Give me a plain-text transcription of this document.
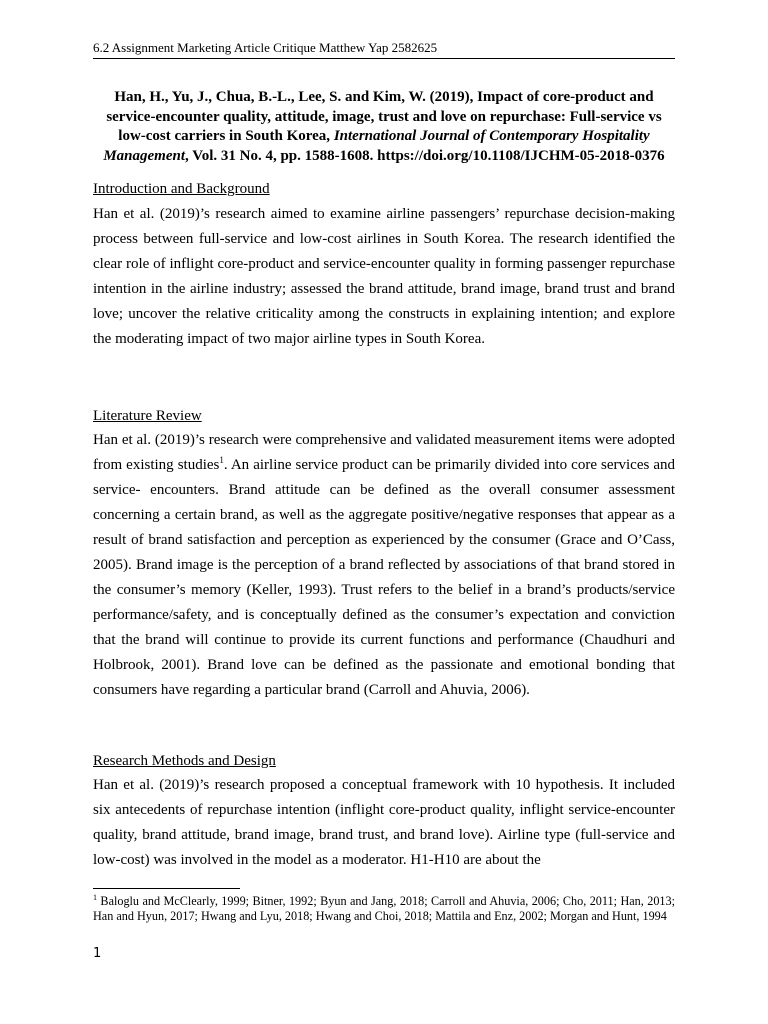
6.2 Assignment Marketing Article Critique Matthew Yap 2582625
Han, H., Yu, J., Chua, B.-L., Lee, S. and Kim, W. (2019), Impact of core-product and service-encounter quality, attitude, image, trust and love on repurchase: Full-service vs low-cost carriers in South Korea, International Journal of Contemporary Hospitality Management, Vol. 31 No. 4, pp. 1588-1608. https://doi.org/10.1108/IJCHM-05-2018-0376
Introduction and Background
Han et al. (2019)’s research aimed to examine airline passengers’ repurchase decision-making process between full-service and low-cost airlines in South Korea. The research identified the clear role of inflight core-product and service-encounter quality in forming passenger repurchase intention in the airline industry; assessed the brand attitude, brand image, brand trust and brand love; uncover the relative criticality among the constructs in explaining intention; and explore the moderating impact of two major airline types in South Korea.
Literature Review
Han et al. (2019)’s research were comprehensive and validated measurement items were adopted from existing studies$^1$. An airline service product can be primarily divided into core services and service- encounters. Brand attitude can be defined as the overall consumer assessment concerning a certain brand, as well as the aggregate positive/negative responses that appear as a result of brand satisfaction and perception as experienced by the consumer (Grace and O’Cass, 2005). Brand image is the perception of a brand reflected by associations of that brand stored in the consumer’s memory (Keller, 1993). Trust refers to the belief in a brand’s products/service performance/safety, and is conceptually defined as the consumer’s expectation and conviction that the brand will continue to provide its current functions and performance (Chaudhuri and Holbrook, 2001). Brand love can be defined as the passionate and emotional bonding that consumers have regarding a particular brand (Carroll and Ahuvia, 2006).
Research Methods and Design
Han et al. (2019)’s research proposed a conceptual framework with 10 hypothesis. It included six antecedents of repurchase intention (inflight core-product quality, inflight service-encounter quality, brand attitude, brand image, brand trust, and brand love). Airline type (full-service and low-cost) was involved in the model as a moderator. H1-H10 are about the
$^1$ Baloglu and McClearly, 1999; Bitner, 1992; Byun and Jang, 2018; Carroll and Ahuvia, 2006; Cho, 2011; Han, 2013; Han and Hyun, 2017; Hwang and Lyu, 2018; Hwang and Choi, 2018; Mattila and Enz, 2002; Morgan and Hunt, 1994
1
